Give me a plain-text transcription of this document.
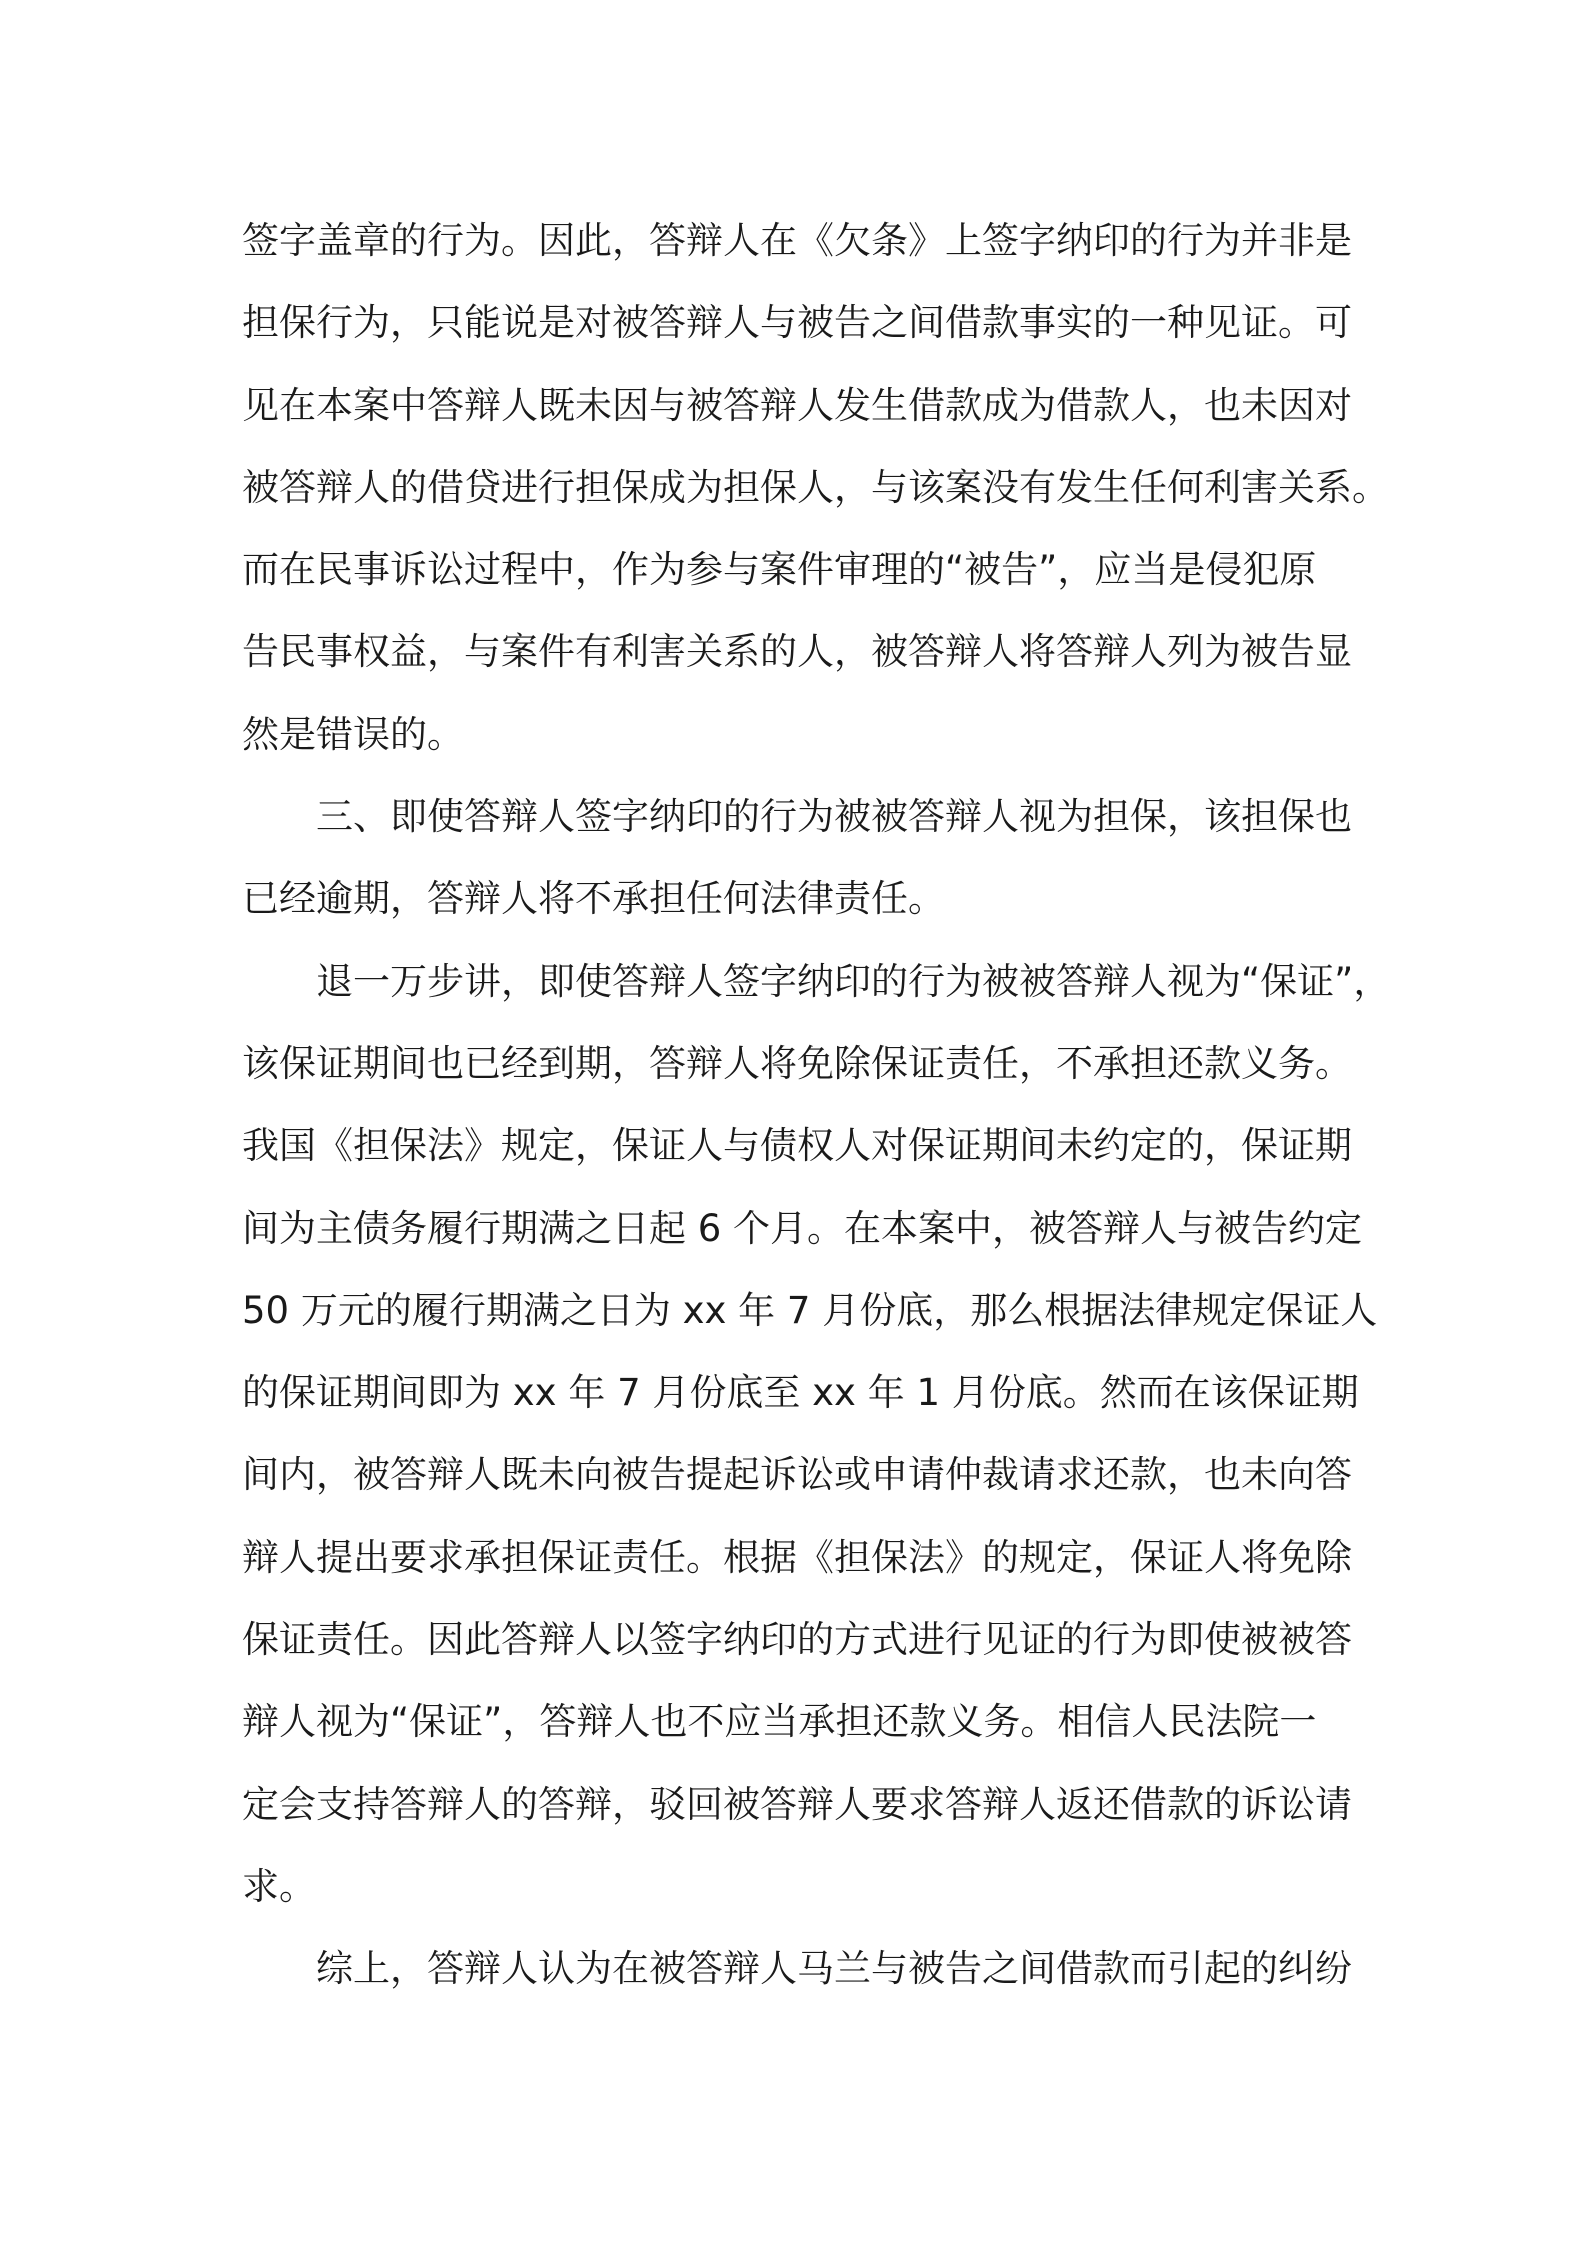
签字盖章的行为。因此，答辩人在《欠条》上签字纳印的行为并非是
担保行为，只能说是对被答辩人与被告之间借款事实的一种见证。可
见在本案中答辩人既未因与被答辩人发生借款成为借款人，也未因对
被答辩人的借贷进行担保成为担保人，与该案没有发生任何利害关系。
而在民事诉讼过程中，作为参与案件审理的“被告”，应当是侵犯原
告民事权益，与案件有利害关系的人，被答辩人将答辩人列为被告显
然是错误的。
三、即使答辩人签字纳印的行为被被答辩人视为担保，该担保也
已经逾期，答辩人将不承担任何法律责任。
退一万步讲，即使答辩人签字纳印的行为被被答辩人视为“保证”，
该保证期间也已经到期，答辩人将免除保证责任，不承担还款义务。
我国《担保法》规定，保证人与债权人对保证期间未约定的，保证期
间为主债务履行期满之日起 6 个月。在本案中，被答辩人与被告约定
50 万元的履行期满之日为 xx 年 7 月份底，那么根据法律规定保证人
的保证期间即为 xx 年 7 月份底至 xx 年 1 月份底。然而在该保证期
间内，被答辩人既未向被告提起诉讼或申请仲裁请求还款，也未向答
辩人提出要求承担保证责任。根据《担保法》的规定，保证人将免除
保证责任。因此答辩人以签字纳印的方式进行见证的行为即使被被答
辩人视为“保证”，答辩人也不应当承担还款义务。相信人民法院一
定会支持答辩人的答辩，驳回被答辩人要求答辩人返还借款的诉讼请
求。
综上，答辩人认为在被答辩人马兰与被告之间借款而引起的纠纷
